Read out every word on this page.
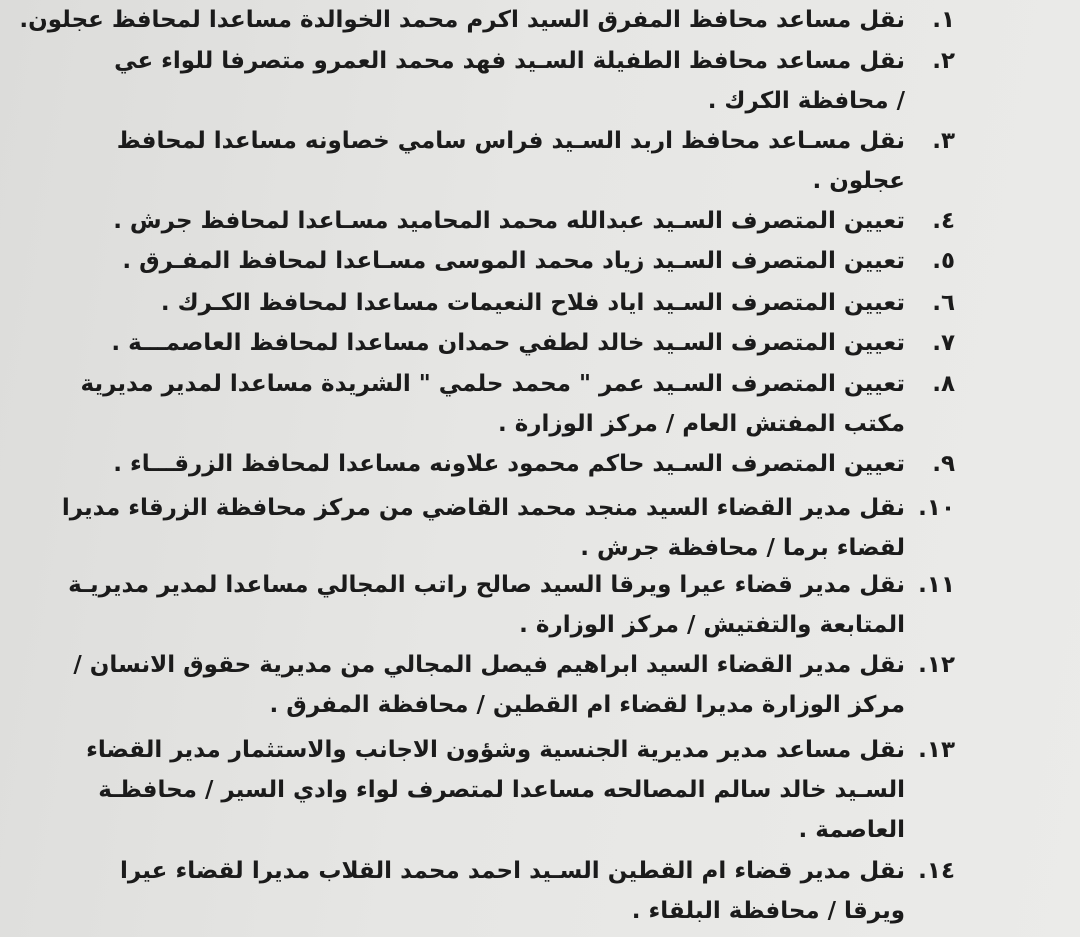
١.
نقل مساعد محافظ المفرق السيد اكرم محمد الخوالدة مساعدا لمحافظ عجلون.
٢.
نقل مساعد محافظ الطفيلة السـيد فهد محمد العمرو متصرفا للواء عي
/ محافظة الكرك .
٣.
نقل مسـاعد محافظ اربد السـيد فراس سامي خصاونه مساعدا لمحافظ
عجلون .
٤.
تعيين المتصرف السـيد عبدالله محمد المحاميد مسـاعدا لمحافظ جرش .
٥.
تعيين المتصرف السـيد زياد محمد الموسى مسـاعدا لمحافظ المفـرق .
٦.
تعيين المتصرف السـيد اياد فلاح النعيمات مساعدا لمحافظ الكـرك .
٧.
تعيين المتصرف السـيد خالد لطفي حمدان مساعدا لمحافظ العاصمـــة .
٨.
تعيين المتصرف السـيد عمر " محمد حلمي " الشريدة مساعدا لمدير مديرية
مكتب المفتش العام / مركز الوزارة .
٩.
تعيين المتصرف السـيد حاكم محمود علاونه مساعدا لمحافظ الزرقـــاء .
١٠.
نقل مدير القضاء السيد منجد محمد القاضي من مركز محافظة الزرقاء مديرا
لقضاء برما / محافظة جرش .
١١.
نقل مدير قضاء عيرا ويرقا السيد صالح راتب المجالي مساعدا لمدير مديريـة
المتابعة والتفتيش / مركز الوزارة .
١٢.
نقل مدير القضاء السيد ابراهيم فيصل المجالي من مديرية حقوق الانسان /
مركز الوزارة مديرا لقضاء ام القطين / محافظة المفرق .
١٣.
نقل مساعد مدير مديرية الجنسية وشؤون الاجانب والاستثمار مدير القضاء
السـيد خالد سالم المصالحه مساعدا لمتصرف لواء وادي السير / محافظـة
العاصمة .
١٤.
نقل مدير قضاء ام القطين السـيد احمد محمد القلاب مديرا لقضاء عيرا
ويرقا / محافظة البلقاء .
